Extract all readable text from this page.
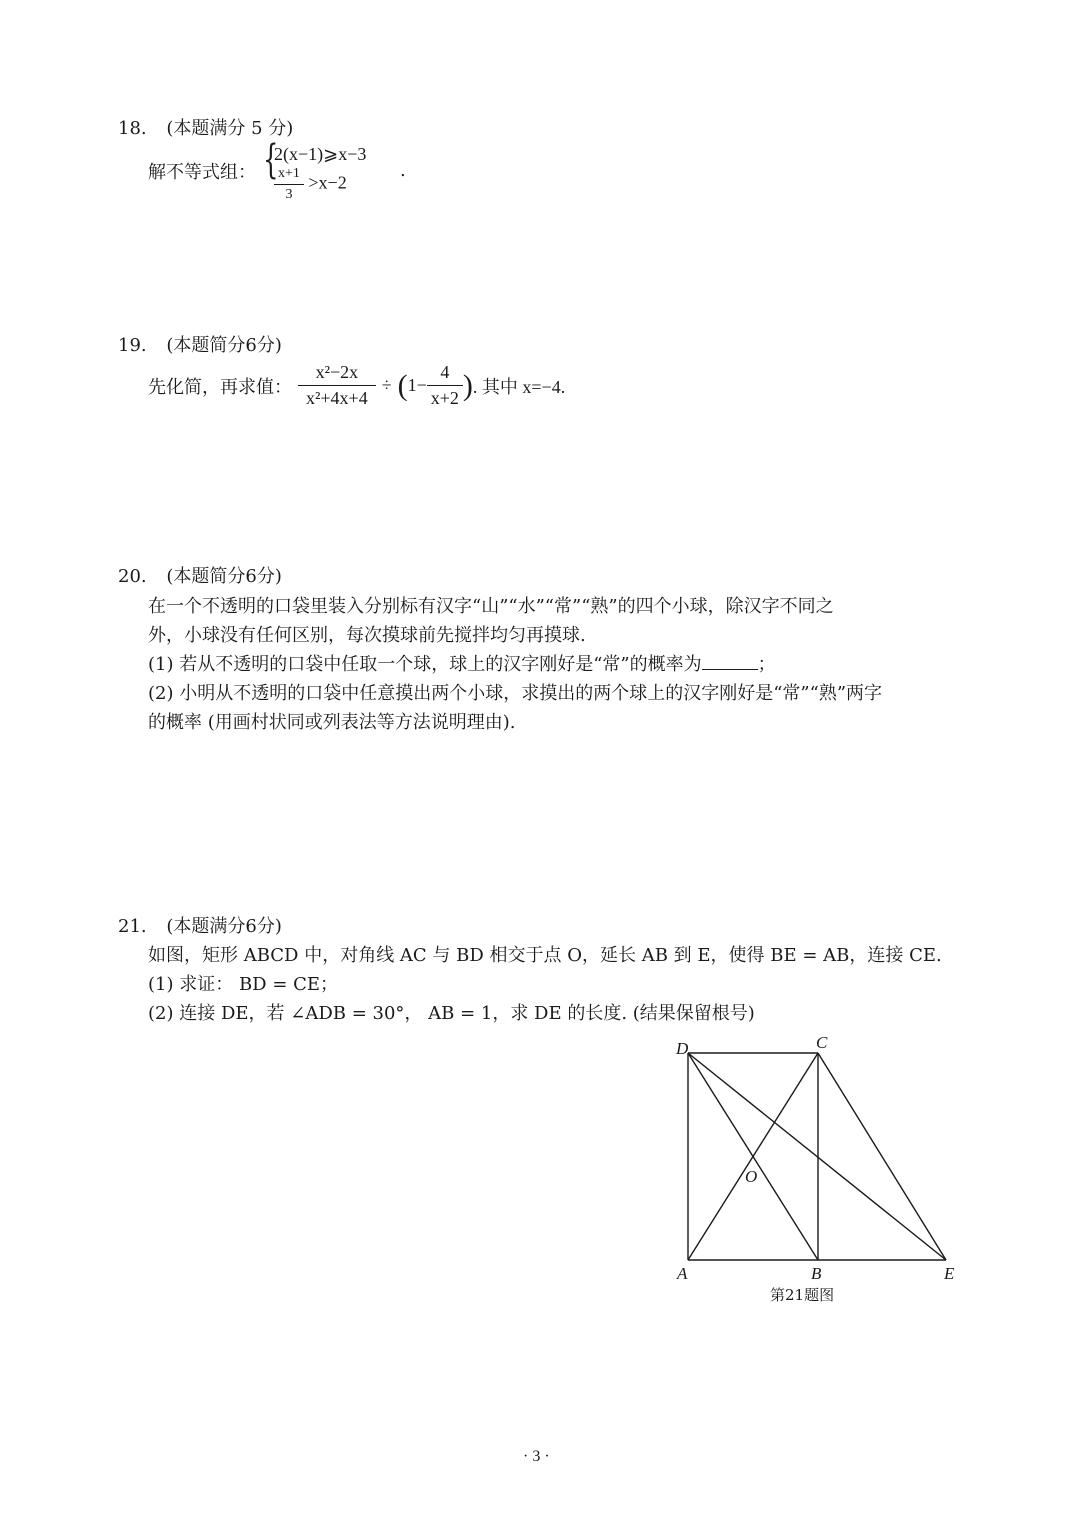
18. (本题满分 5 分)
解不等式组： {
2(x−1)⩾x−3
$\frac{x+1}{3} >x-2$
.
19. (本题简分6分)
先化简，再求值： $\frac{\text{x²−2x}}{\text{x²+4x+4}}$ ÷ ( $1- \frac{4}{x+2}$ ) . 其中 x=−4.
20. (本题简分6分)
在一个不透明的口袋里装入分别标有汉字“山”“水”“常”“熟”的四个小球，除汉字不同之
外，小球没有任何区别，每次摸球前先搅拌均匀再摸球.
(1) 若从不透明的口袋中任取一个球，球上的汉字刚好是“常”的概率为	；
(2) 小明从不透明的口袋中任意摸出两个小球，求摸出的两个球上的汉字刚好是“常”“熟”两字
的概率 (用画村状同或列表法等方法说明理由).
21. (本题满分6分)
如图，矩形 ABCD 中，对角线 AC 与 BD 相交于点 O，延长 AB 到 E，使得 BE = AB，连接 CE.
(1) 求证： BD = CE；
(2) 连接 DE，若 ∠ADB = 30°， AB = 1，求 DE 的长度. (结果保留根号)
D	C
O
A	B	E
第21题图
· 3 ·
